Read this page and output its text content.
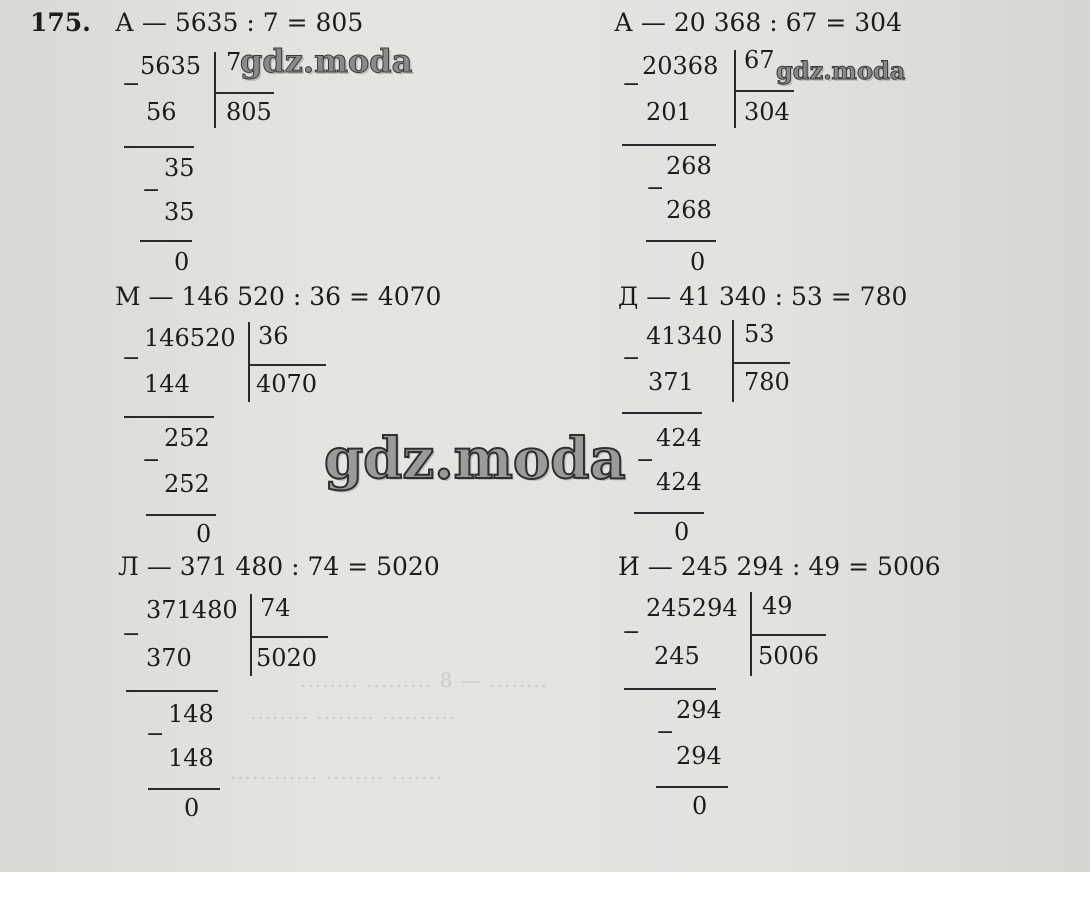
........ ......... 8 — ........
........ ........ ..........
............ ........ .......
175. А — 5635 : 7 = 805
−
5635 7
805
56
35
−
35
0
А — 20 368 : 67 = 304
−
20368 67
304
201
268
−
268
0
М — 146 520 : 36 = 4070
−
146520 36
4070
144
252
−
252
0
Д — 41 340 : 53 = 780
−
41340 53
780
371
424
−
424
0
Л — 371 480 : 74 = 5020
−
371480 74
5020
370
148
−
148
0
И — 245 294 : 49 = 5006
−
245294 49
5006
245
294
−
294
0
gdz.moda	gdz.moda
gdz.moda
